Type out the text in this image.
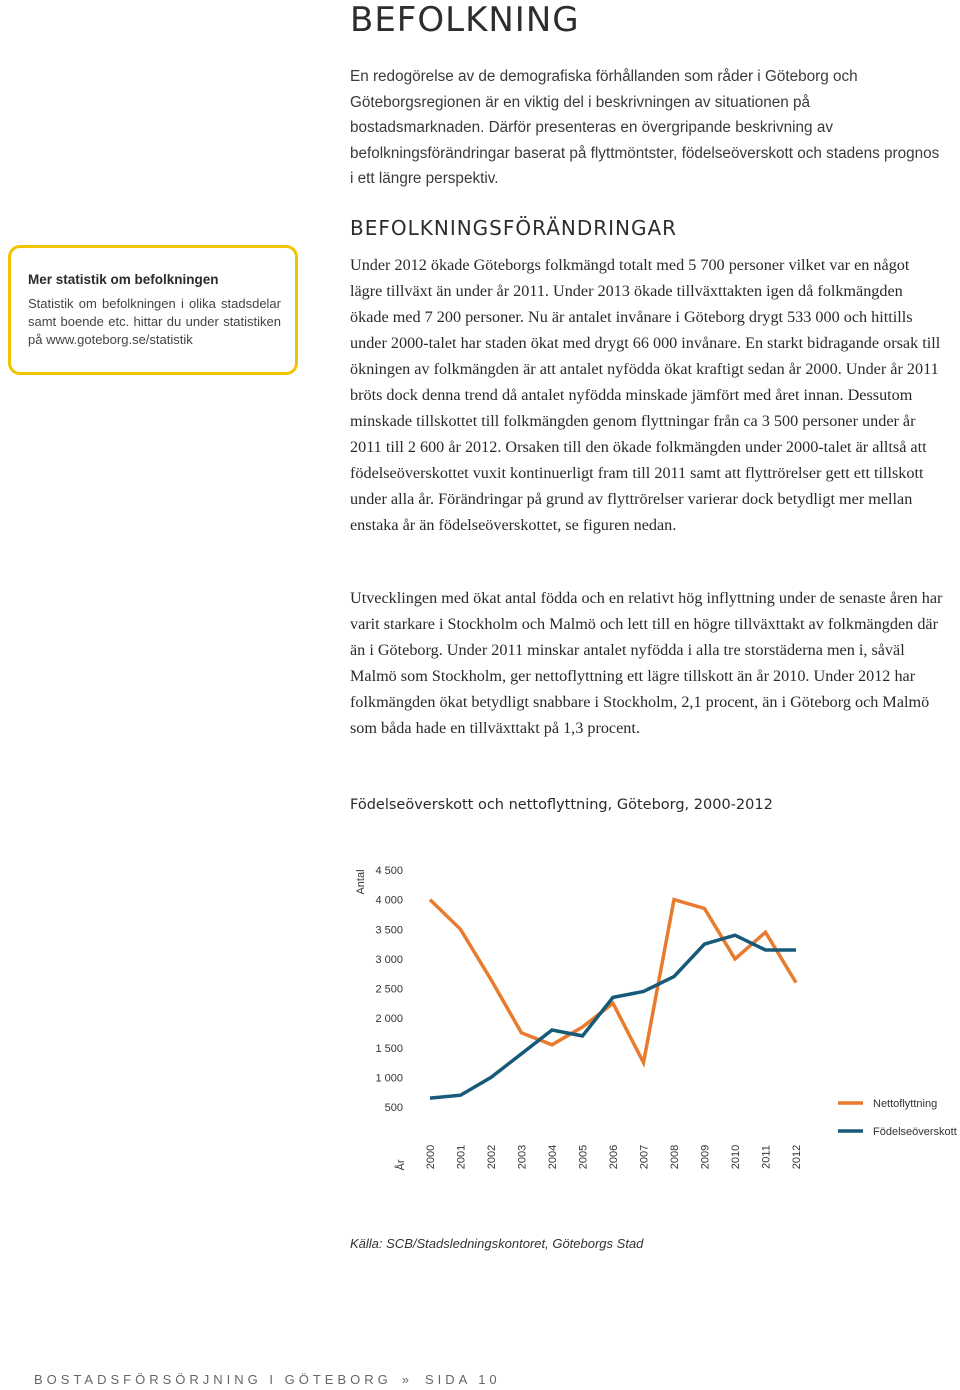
BEFOLKNING

En redogörelse av de demografiska förhållanden som råder i Göteborg och Göteborgsregionen är en viktig del i beskrivningen av situationen på bostadsmarknaden. Därför presenteras en övergripande beskrivning av befolkningsförändringar baserat på flyttmöntster, födelseöverskott och stadens prognos i ett längre perspektiv.

Mer statistik om befolkningen

Statistik om befolkningen i olika stadsdelar samt boende etc. hittar du under statistiken på www.goteborg.se/statistik

BEFOLKNINGSFÖRÄNDRINGAR

Under 2012 ökade Göteborgs folkmängd totalt med 5 700 personer vilket var en något lägre tillväxt än under år 2011. Under 2013 ökade tillväxttakten igen då folkmängden ökade med 7 200 personer. Nu är antalet invånare i Göteborg drygt 533 000 och hittills under 2000-talet har staden ökat med drygt 66 000 invånare. En starkt bidragande orsak till ökningen av folkmängden är att antalet nyfödda ökat kraftigt sedan år 2000. Under år 2011 bröts dock denna trend då antalet nyfödda minskade jämfört med året innan. Dessutom minskade tillskottet till folkmängden genom flyttningar från ca 3 500 personer under år 2011 till 2 600 år 2012. Orsaken till den ökade folkmängden under 2000-talet är alltså att födelseöverskottet vuxit kontinuerligt fram till 2011 samt att flyttrörelser gett ett tillskott under alla år. Förändringar på grund av flyttrörelser varierar dock betydligt mer mellan enstaka år än födelseöverskottet, se figuren nedan.

Utvecklingen med ökat antal födda och en relativt hög inflyttning under de senaste åren har varit starkare i Stockholm och Malmö och lett till en högre tillväxttakt av folkmängden där än i Göteborg. Under 2011 minskar antalet nyfödda i alla tre storstäderna men i, såväl Malmö som Stockholm, ger nettoflyttning ett lägre tillskott än år 2010. Under 2012 har folkmängden ökat betydligt snabbare i Stockholm, 2,1 procent, än i Göteborg och Malmö som båda hade en tillväxttakt på 1,3 procent.

Födelseöverskott och nettoflyttning, Göteborg, 2000-2012

500
1 000
1 500
2 000
2 500
3 000
3 500
4 000
4 500
Antal
År 2000 2001 2002 2003 2004 2005 2006 2007 2008 2009 2010 2011 2012
Nettoflyttning
Födelseöverskott

Källa: SCB/Stadsledningskontoret, Göteborgs Stad

BOSTADSFÖRSÖRJNING I GÖTEBORG » SIDA 10
